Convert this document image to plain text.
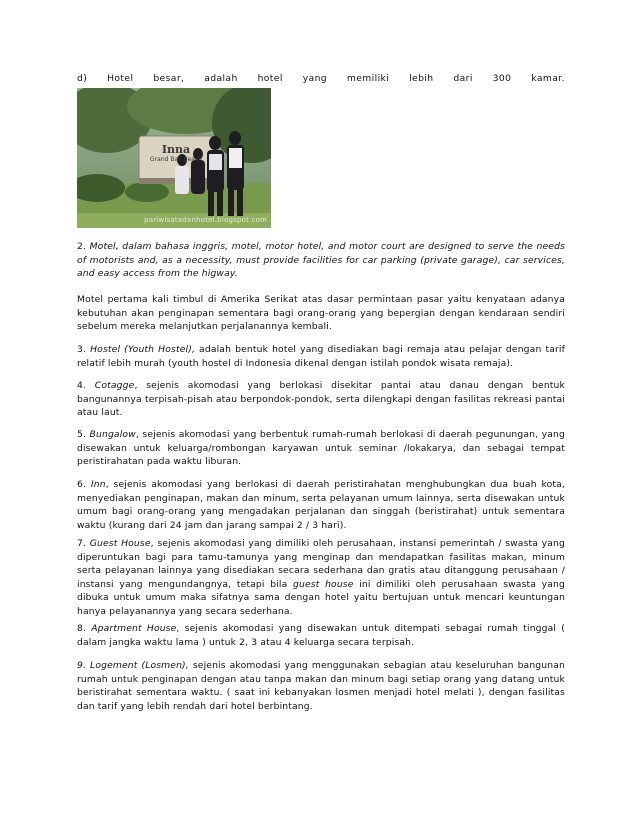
d) Hotel besar, adalah hotel yang memiliki lebih dari 300 kamar.
Inna
Grand Bali Beach
pariwisatadanhotel.blogspot.com

2. Motel, dalam bahasa inggris, motel, motor hotel, and motor court are designed to serve the needs of motorists and, as a necessity, must provide facilities for car parking (private garage), car services, and easy access from the higway.

Motel pertama kali timbul di Amerika Serikat atas dasar permintaan pasar yaitu kenyataan adanya kebutuhan akan penginapan sementara bagi orang-orang yang bepergian dengan kendaraan sendiri sebelum mereka melanjutkan perjalanannya kembali.

3. Hostel (Youth Hostel), adalah bentuk hotel yang disediakan bagi remaja atau pelajar dengan tarif relatif lebih murah (youth hostel di Indonesia dikenal dengan istilah pondok wisata remaja).

4. Cotagge, sejenis akomodasi yang berlokasi disekitar pantai atau danau dengan bentuk bangunannya terpisah-pisah atau berpondok-pondok, serta dilengkapi dengan fasilitas rekreasi pantai atau laut.

5. Bungalow, sejenis akomodasi yang berbentuk rumah-rumah berlokasi di daerah pegunungan, yang disewakan untuk keluarga/rombongan karyawan untuk seminar /lokakarya, dan sebagai tempat peristirahatan pada waktu liburan.

6. Inn, sejenis akomodasi yang berlokasi di daerah peristirahatan menghubungkan dua buah kota, menyediakan penginapan, makan dan minum, serta pelayanan umum lainnya, serta disewakan untuk umum bagi orang-orang yang mengadakan perjalanan dan singgah (beristirahat) untuk sementara waktu (kurang dari 24 jam dan jarang sampai 2 / 3 hari).

7. Guest House, sejenis akomodasi yang dimiliki oleh perusahaan, instansi pemerintah / swasta yang diperuntukan bagi para tamu-tamunya yang menginap dan mendapatkan fasilitas makan, minum serta pelayanan lainnya yang disediakan secara sederhana dan gratis atau ditanggung perusahaan / instansi yang mengundangnya, tetapi bila guest house ini dimiliki oleh perusahaan swasta yang dibuka untuk umum maka sifatnya sama dengan hotel yaitu bertujuan untuk mencari keuntungan hanya pelayanannya yang secara sederhana.

8. Apartment House, sejenis akomodasi yang disewakan untuk ditempati sebagai rumah tinggal ( dalam jangka waktu lama ) untuk 2, 3 atau 4 keluarga secara terpisah.

9. Logement (Losmen), sejenis akomodasi yang menggunakan sebagian atau keseluruhan bangunan rumah untuk penginapan dengan atau tanpa makan dan minum bagi setiap orang yang datang untuk beristirahat sementara waktu. ( saat ini kebanyakan losmen menjadi hotel melati ), dengan fasilitas dan tarif yang lebih rendah dari hotel berbintang.
